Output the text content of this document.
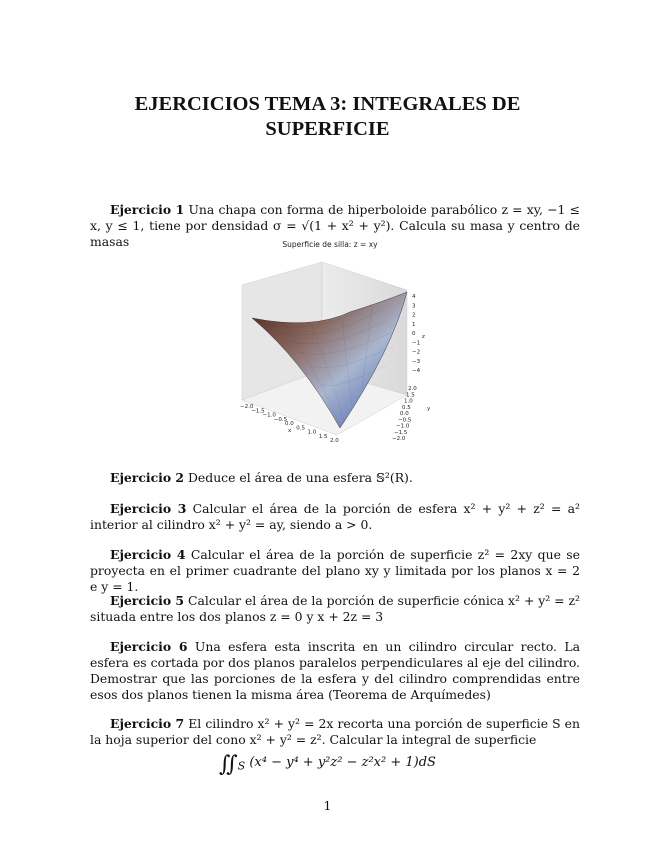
EJERCICIOS TEMA 3: INTEGRALES DE
SUPERFICIE

Ejercicio 1 Una chapa con forma de hiperboloide parabólico z = xy, −1 ≤ x, y ≤ 1, tiene por densidad σ = √(1 + x² + y²). Calcula su masa y centro de masas	Superficie de silla: z = xy
4
3
2
1
0
−1
−2
−3
−4
2.0
1.5
1.0
0.5
0.0
−0.5
−1.0
−1.5
−2.0
−2.0
−1.5
−1.0
−0.5
0.0
0.5
1.0
1.5
2.0
z
y
x

Ejercicio 2 Deduce el área de una esfera 𝕊²(R).

Ejercicio 3 Calcular el área de la porción de esfera x² + y² + z² = a² interior al cilindro x² + y² = ay, siendo a > 0.

Ejercicio 4 Calcular el área de la porción de superficie z² = 2xy que se proyecta en el primer cuadrante del plano xy y limitada por los planos x = 2 e y = 1.

Ejercicio 5 Calcular el área de la porción de superficie cónica x² + y² = z² situada entre los dos planos z = 0 y x + 2z = 3

Ejercicio 6 Una esfera esta inscrita en un cilindro circular recto. La esfera es cortada por dos planos paralelos perpendiculares al eje del cilindro. Demostrar que las porciones de la esfera y del cilindro comprendidas entre esos dos planos tienen la misma área (Teorema de Arquímedes)

Ejercicio 7 El cilindro x² + y² = 2x recorta una porción de superficie S en la hoja superior del cono x² + y² = z². Calcular la integral de superficie

$∬_S$ (x⁴ − y⁴ + y²z² − z²x² + 1)dS
1
